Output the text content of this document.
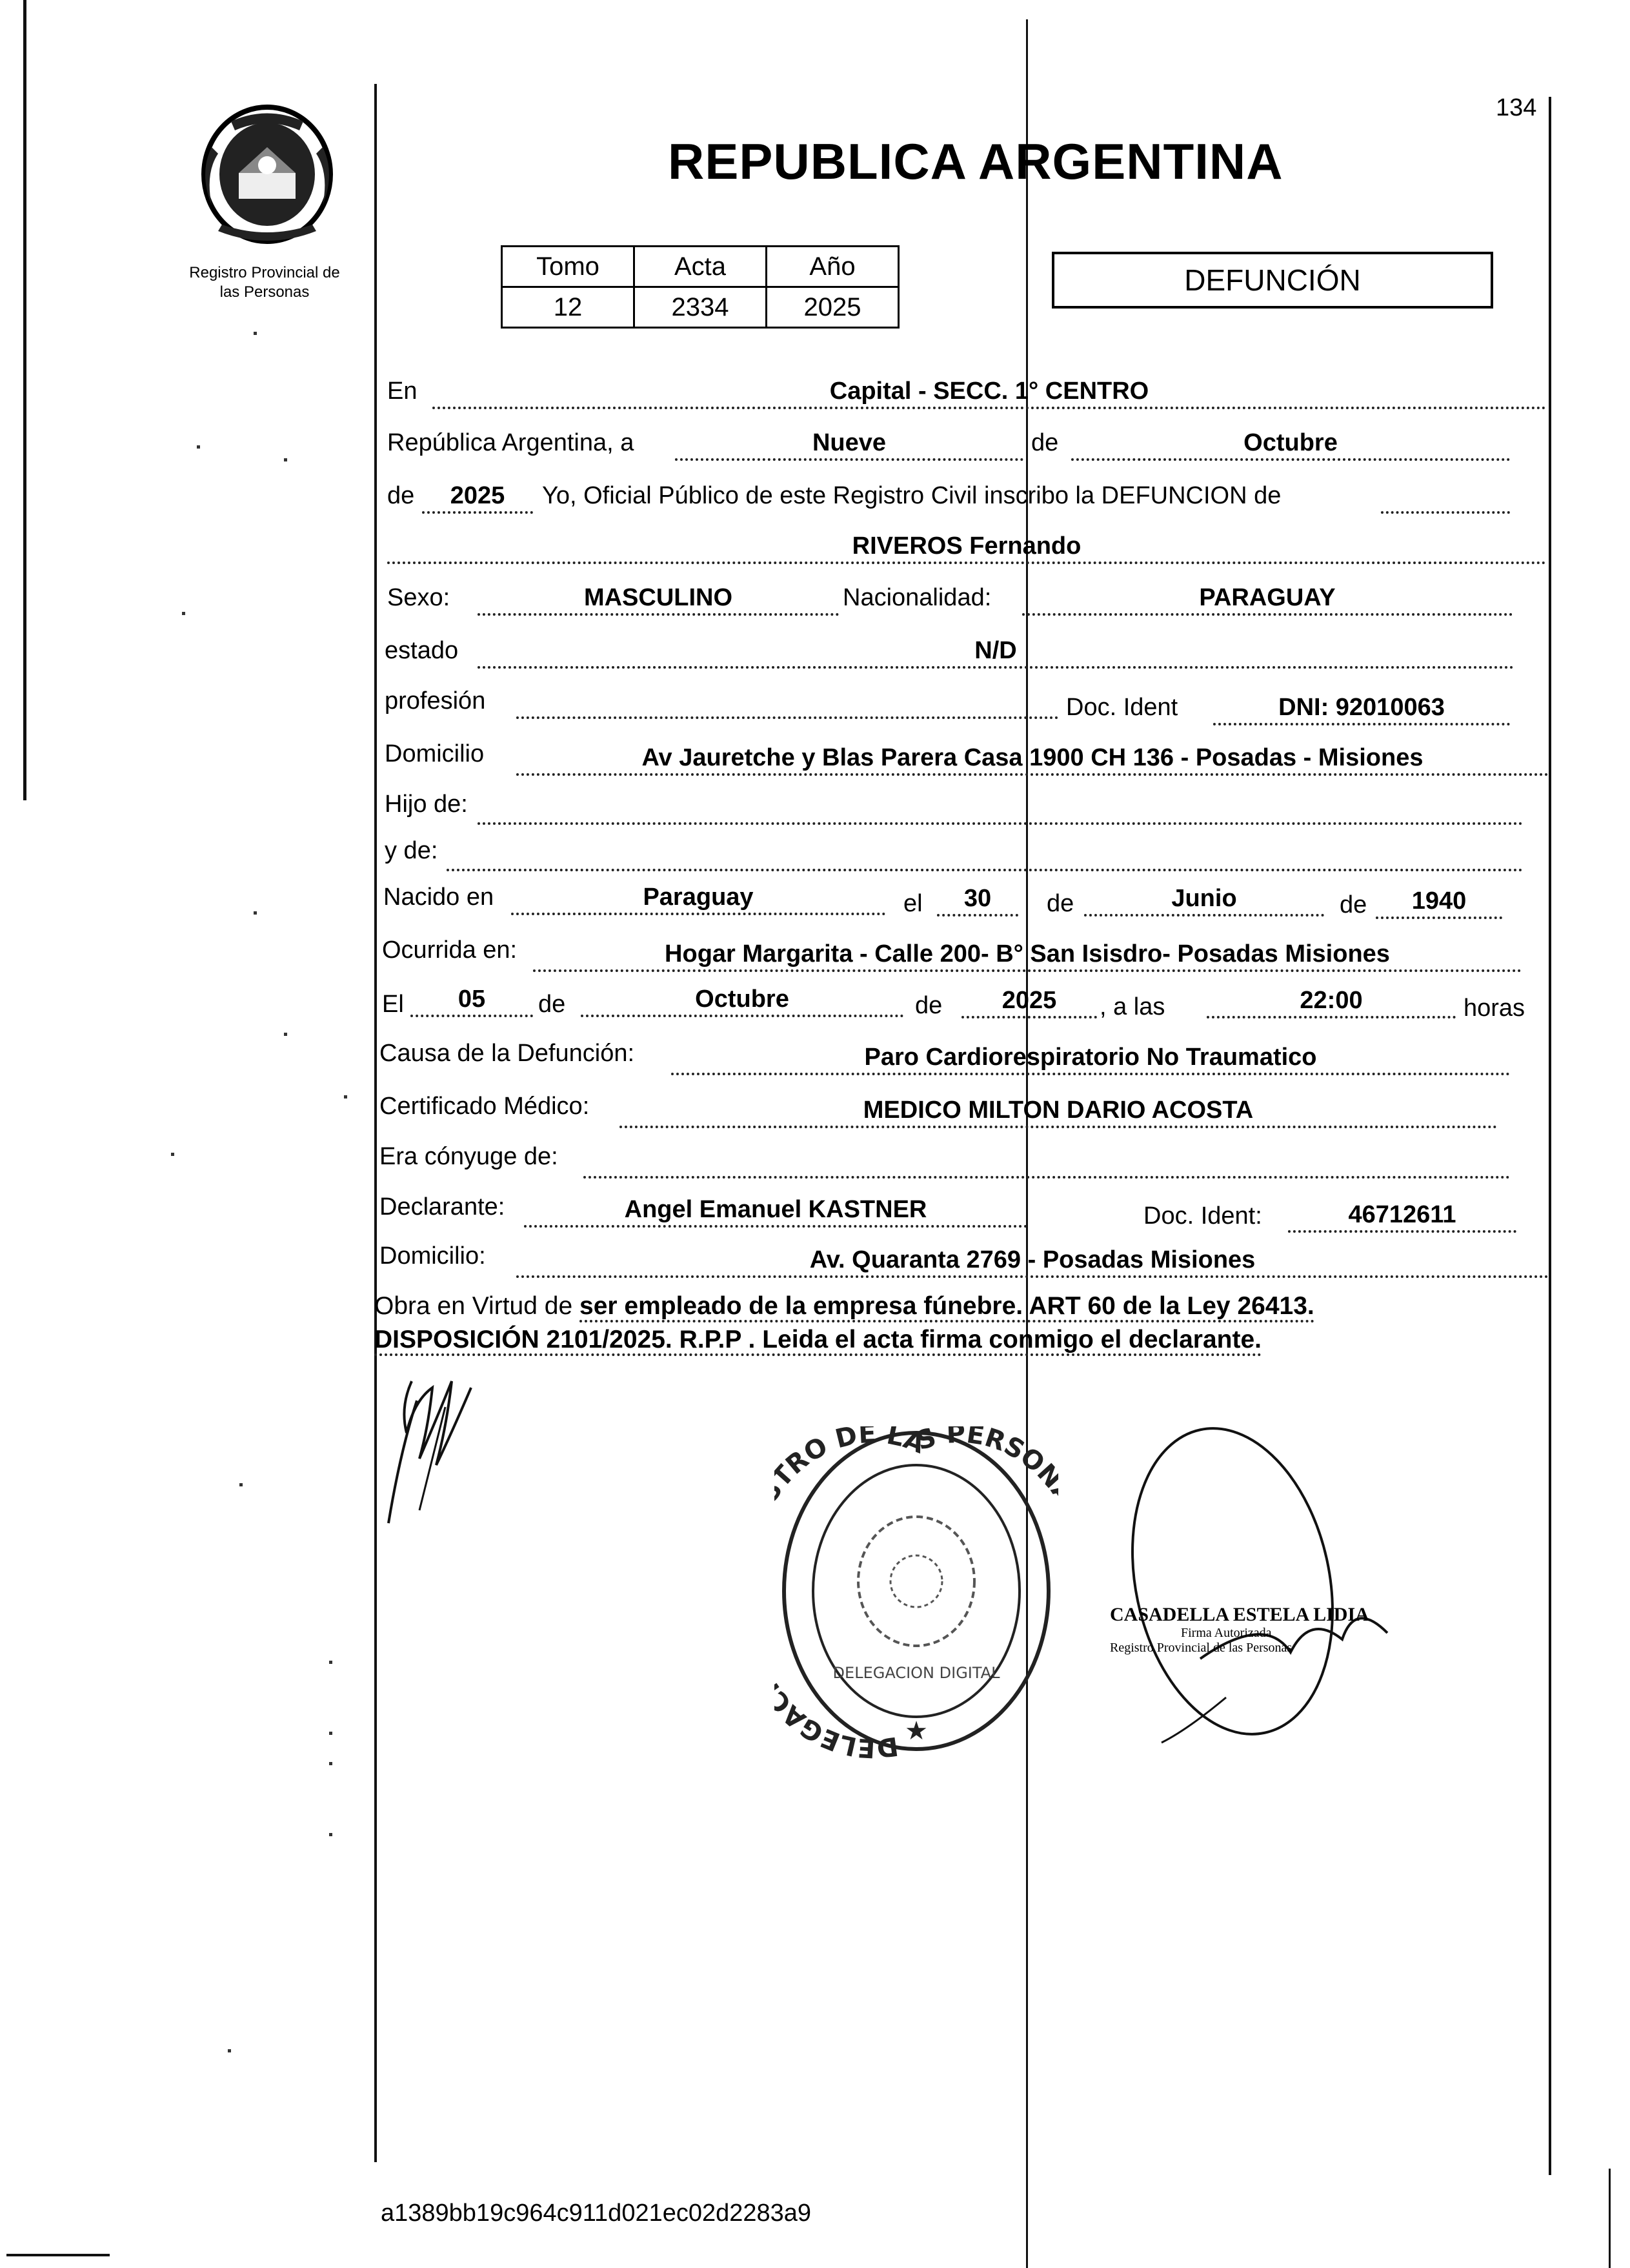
134
Registro Provincial de
las Personas
REPUBLICA ARGENTINA
Tomo	Acta	Año
12	2334	2025
DEFUNCIÓN
En	Capital - SECC. 1° CENTRO
República Argentina, a	Nueve	de	Octubre
de	2025	Yo, Oficial Público de este Registro Civil inscribo la DEFUNCION de
RIVEROS Fernando
Sexo:	MASCULINO	Nacionalidad:	PARAGUAY
estado	N/D
profesión	Doc. Ident	DNI: 92010063
Domicilio	Av Jauretche y Blas Parera Casa 1900 CH 136 - Posadas - Misiones
Hijo de:
y de:
Nacido en	Paraguay	el	30	de	Junio	de	1940
Ocurrida en:	Hogar Margarita - Calle 200- B° San Isisdro- Posadas Misiones
El	05	de	Octubre	de	2025	, a las	22:00	horas
Causa de la Defunción:	Paro Cardiorespiratorio No Traumatico
Certificado Médico:	MEDICO MILTON DARIO ACOSTA
Era cónyuge de:
Declarante:	Angel Emanuel KASTNER	Doc. Ident:	46712611
Domicilio:	Av. Quaranta 2769 - Posadas Misiones
Obra en Virtud de ser empleado de la empresa fúnebre. ART 60 de la Ley 26413.
DISPOSICIÓN 2101/2025. R.P.P . Leida el acta firma conmigo el declarante.
DELEGA RO DE LAS PERSO
DELEGACION DIGITAL
★
CASADELLA ESTELA LIDIA
Firma Autorizada
Registro Provincial de las Personas
a1389bb19c964c911d021ec02d2283a9
